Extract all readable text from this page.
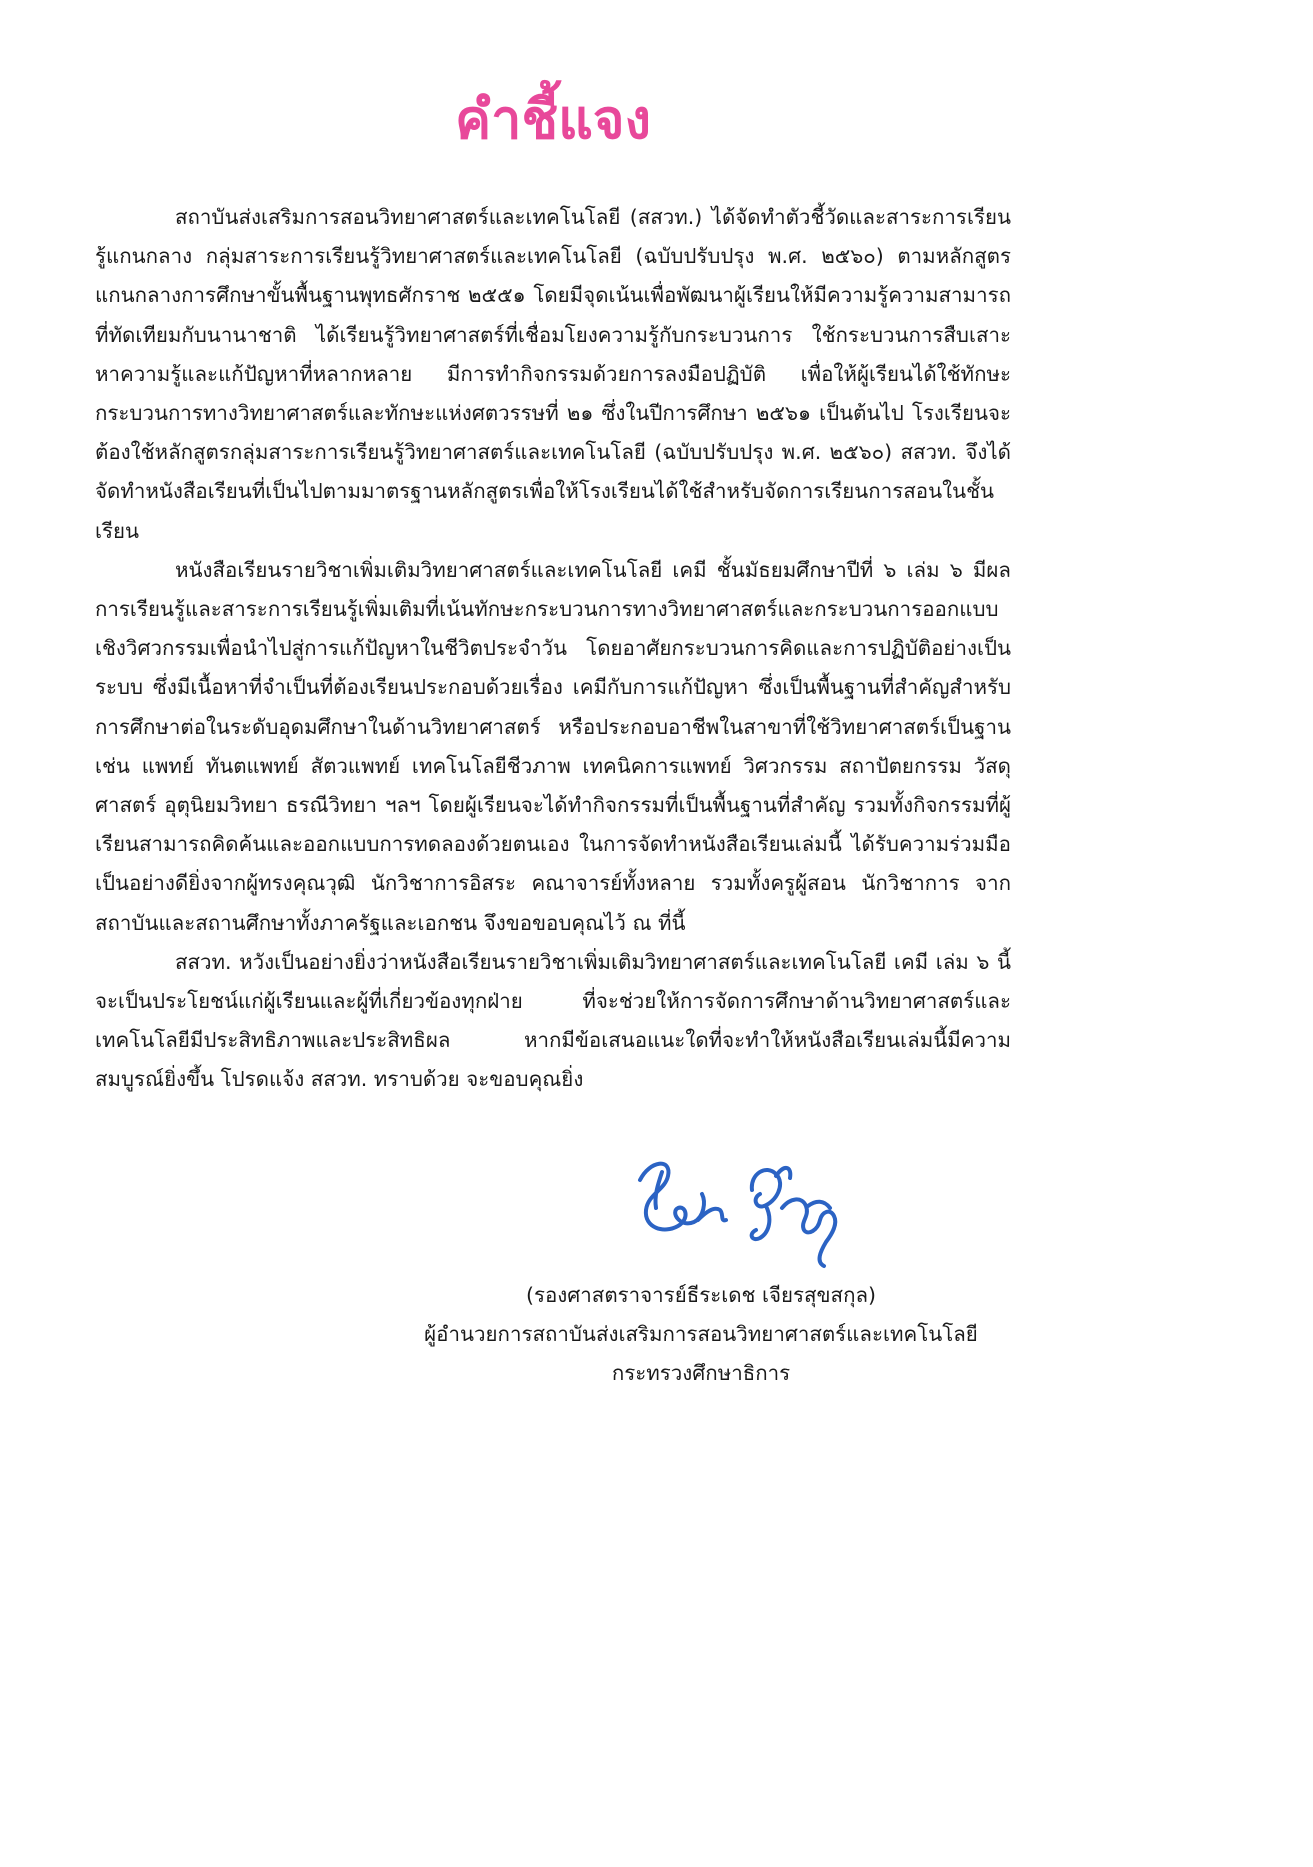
คำชี้แจง

สถาบันส่งเสริมการสอนวิทยาศาสตร์และเทคโนโลยี (สสวท.) ได้จัดทำตัวชี้วัดและสาระการเรียนรู้แกนกลาง กลุ่มสาระการเรียนรู้วิทยาศาสตร์และเทคโนโลยี (ฉบับปรับปรุง พ.ศ. ๒๕๖๐) ตามหลักสูตรแกนกลางการศึกษาขั้นพื้นฐานพุทธศักราช ๒๕๕๑ โดยมีจุดเน้นเพื่อพัฒนาผู้เรียนให้มีความรู้ความสามารถที่ทัดเทียมกับนานาชาติ ได้เรียนรู้วิทยาศาสตร์ที่เชื่อมโยงความรู้กับกระบวนการ ใช้กระบวนการสืบเสาะหาความรู้และแก้ปัญหาที่หลากหลาย มีการทำกิจกรรมด้วยการลงมือปฏิบัติ เพื่อให้ผู้เรียนได้ใช้ทักษะกระบวนการทางวิทยาศาสตร์และทักษะแห่งศตวรรษที่ ๒๑ ซึ่งในปีการศึกษา ๒๕๖๑ เป็นต้นไป โรงเรียนจะต้องใช้หลักสูตรกลุ่มสาระการเรียนรู้วิทยาศาสตร์และเทคโนโลยี (ฉบับปรับปรุง พ.ศ. ๒๕๖๐) สสวท. จึงได้จัดทำหนังสือเรียนที่เป็นไปตามมาตรฐานหลักสูตรเพื่อให้โรงเรียนได้ใช้สำหรับจัดการเรียนการสอนในชั้นเรียน

หนังสือเรียนรายวิชาเพิ่มเติมวิทยาศาสตร์และเทคโนโลยี เคมี ชั้นมัธยมศึกษาปีที่ ๖ เล่ม ๖ มีผลการเรียนรู้และสาระการเรียนรู้เพิ่มเติมที่เน้นทักษะกระบวนการทางวิทยาศาสตร์และกระบวนการออกแบบเชิงวิศวกรรมเพื่อนำไปสู่การแก้ปัญหาในชีวิตประจำวัน โดยอาศัยกระบวนการคิดและการปฏิบัติอย่างเป็นระบบ ซึ่งมีเนื้อหาที่จำเป็นที่ต้องเรียนประกอบด้วยเรื่อง เคมีกับการแก้ปัญหา ซึ่งเป็นพื้นฐานที่สำคัญสำหรับการศึกษาต่อในระดับอุดมศึกษาในด้านวิทยาศาสตร์ หรือประกอบอาชีพในสาขาที่ใช้วิทยาศาสตร์เป็นฐาน เช่น แพทย์ ทันตแพทย์ สัตวแพทย์ เทคโนโลยีชีวภาพ เทคนิคการแพทย์ วิศวกรรม สถาปัตยกรรม วัสดุศาสตร์ อุตุนิยมวิทยา ธรณีวิทยา ฯลฯ โดยผู้เรียนจะได้ทำกิจกรรมที่เป็นพื้นฐานที่สำคัญ รวมทั้งกิจกรรมที่ผู้เรียนสามารถคิดค้นและออกแบบการทดลองด้วยตนเอง ในการจัดทำหนังสือเรียนเล่มนี้ ได้รับความร่วมมือเป็นอย่างดียิ่งจากผู้ทรงคุณวุฒิ นักวิชาการอิสระ คณาจารย์ทั้งหลาย รวมทั้งครูผู้สอน นักวิชาการ จากสถาบันและสถานศึกษาทั้งภาครัฐและเอกชน จึงขอขอบคุณไว้ ณ ที่นี้

สสวท. หวังเป็นอย่างยิ่งว่าหนังสือเรียนรายวิชาเพิ่มเติมวิทยาศาสตร์และเทคโนโลยี เคมี เล่ม ๖ นี้ จะเป็นประโยชน์แก่ผู้เรียนและผู้ที่เกี่ยวข้องทุกฝ่าย ที่จะช่วยให้การจัดการศึกษาด้านวิทยาศาสตร์และเทคโนโลยีมีประสิทธิภาพและประสิทธิผล หากมีข้อเสนอแนะใดที่จะทำให้หนังสือเรียนเล่มนี้มีความสมบูรณ์ยิ่งขึ้น โปรดแจ้ง สสวท. ทราบด้วย จะขอบคุณยิ่ง

(รองศาสตราจารย์ธีระเดช เจียรสุขสกุล)
ผู้อำนวยการสถาบันส่งเสริมการสอนวิทยาศาสตร์และเทคโนโลยี
กระทรวงศึกษาธิการ
